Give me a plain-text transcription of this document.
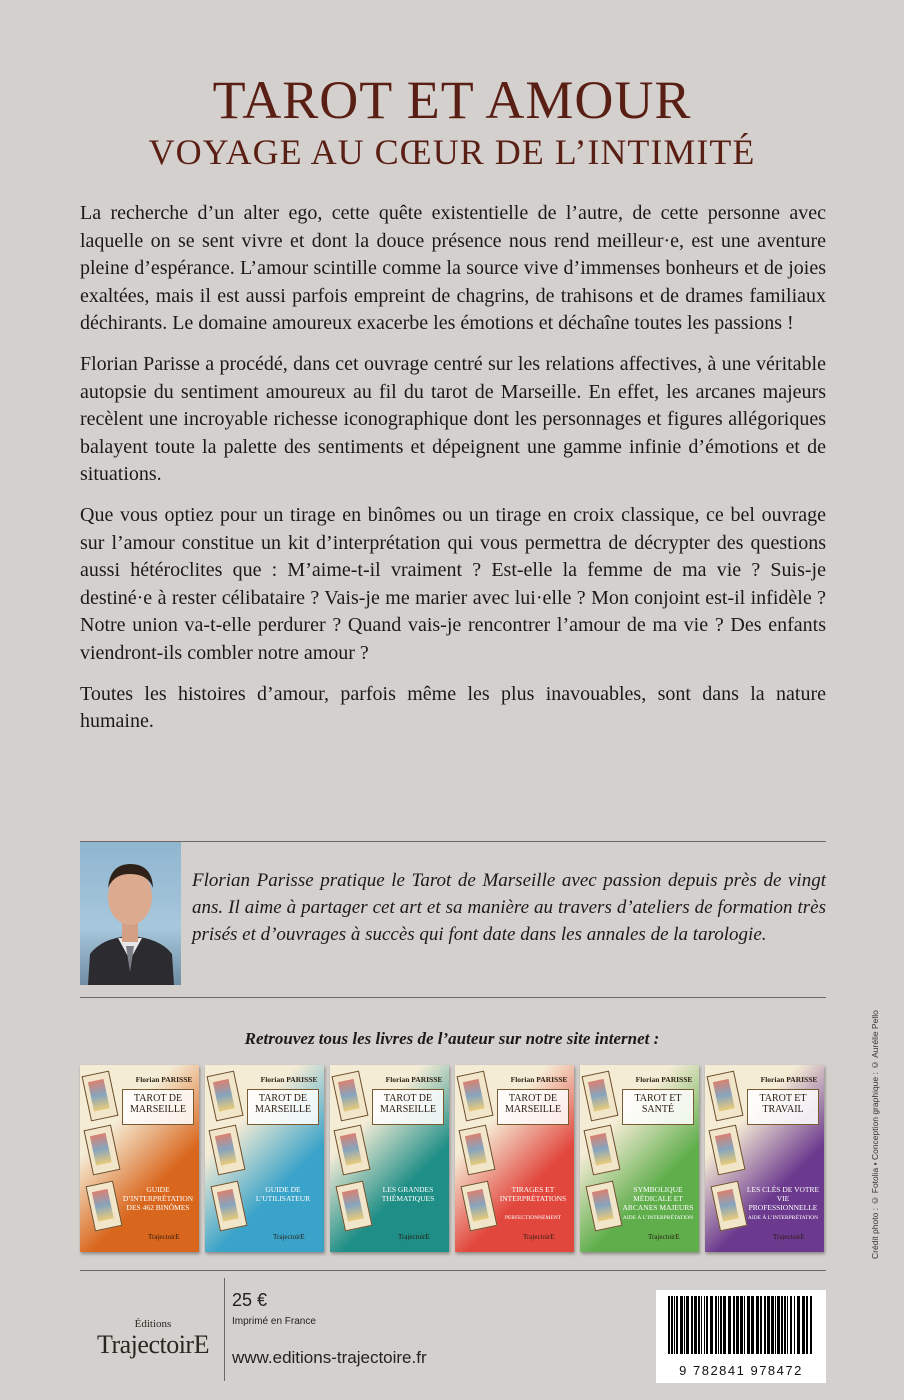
TAROT ET AMOUR
VOYAGE AU CŒUR DE L’INTIMITÉ

La recherche d’un alter ego, cette quête existentielle de l’autre, de cette personne avec laquelle on se sent vivre et dont la douce présence nous rend meilleur·e, est une aventure pleine d’espérance. L’amour scintille comme la source vive d’immenses bonheurs et de joies exaltées, mais il est aussi parfois empreint de chagrins, de trahisons et de drames familiaux déchirants. Le domaine amoureux exacerbe les émotions et déchaîne toutes les passions !

Florian Parisse a procédé, dans cet ouvrage centré sur les relations affectives, à une véritable autopsie du sentiment amoureux au fil du tarot de Marseille. En effet, les arcanes majeurs recèlent une incroyable richesse iconographique dont les personnages et figures allégoriques balayent toute la palette des sentiments et dépeignent une gamme infinie d’émotions et de situations.

Que vous optiez pour un tirage en binômes ou un tirage en croix classique, ce bel ouvrage sur l’amour constitue un kit d’interprétation qui vous permettra de décrypter des questions aussi hétéroclites que : M’aime-t-il vraiment ? Est-elle la femme de ma vie ? Suis-je destiné·e à rester célibataire ? Vais-je me marier avec lui·elle ? Mon conjoint est-il infidèle ? Notre union va-t-elle perdurer ? Quand vais-je rencontrer l’amour de ma vie ? Des enfants viendront-ils combler notre amour ?

Toutes les histoires d’amour, parfois même les plus inavouables, sont dans la nature humaine.

Florian Parisse pratique le Tarot de Marseille avec passion depuis près de vingt ans. Il aime à partager cet art et sa manière au travers d’ateliers de formation très prisés et d’ouvrages à succès qui font date dans les annales de la tarologie.
Retrouvez tous les livres de l’auteur sur notre site internet :
Florian PARISSE
TAROT DE MARSEILLE
GUIDE D’INTERPRÉTATION DES 462 BINÔMES
TrajectoirE
Florian PARISSE
TAROT DE MARSEILLE
GUIDE DE L’UTILISATEUR
TrajectoirE
Florian PARISSE
TAROT DE MARSEILLE
LES GRANDES THÉMATIQUES
TrajectoirE
Florian PARISSE
TAROT DE MARSEILLE
TIRAGES ET INTERPRÉTATIONS
PERFECTIONNEMENT
TrajectoirE
Florian PARISSE
TAROT ET SANTÉ
SYMBOLIQUE MÉDICALE ET ARCANES MAJEURS
AIDE À L’INTERPRÉTATION
TrajectoirE
Florian PARISSE
TAROT ET TRAVAIL
LES CLÉS DE VOTRE VIE PROFESSIONNELLE
AIDE À L’INTERPRÉTATION
TrajectoirE	Crédit photo : © Fotolia • Conception graphique : © Aurélie Pello
Éditions
TrajectoirE
25 €
Imprimé en France
www.editions-trajectoire.fr
9 782841 978472
